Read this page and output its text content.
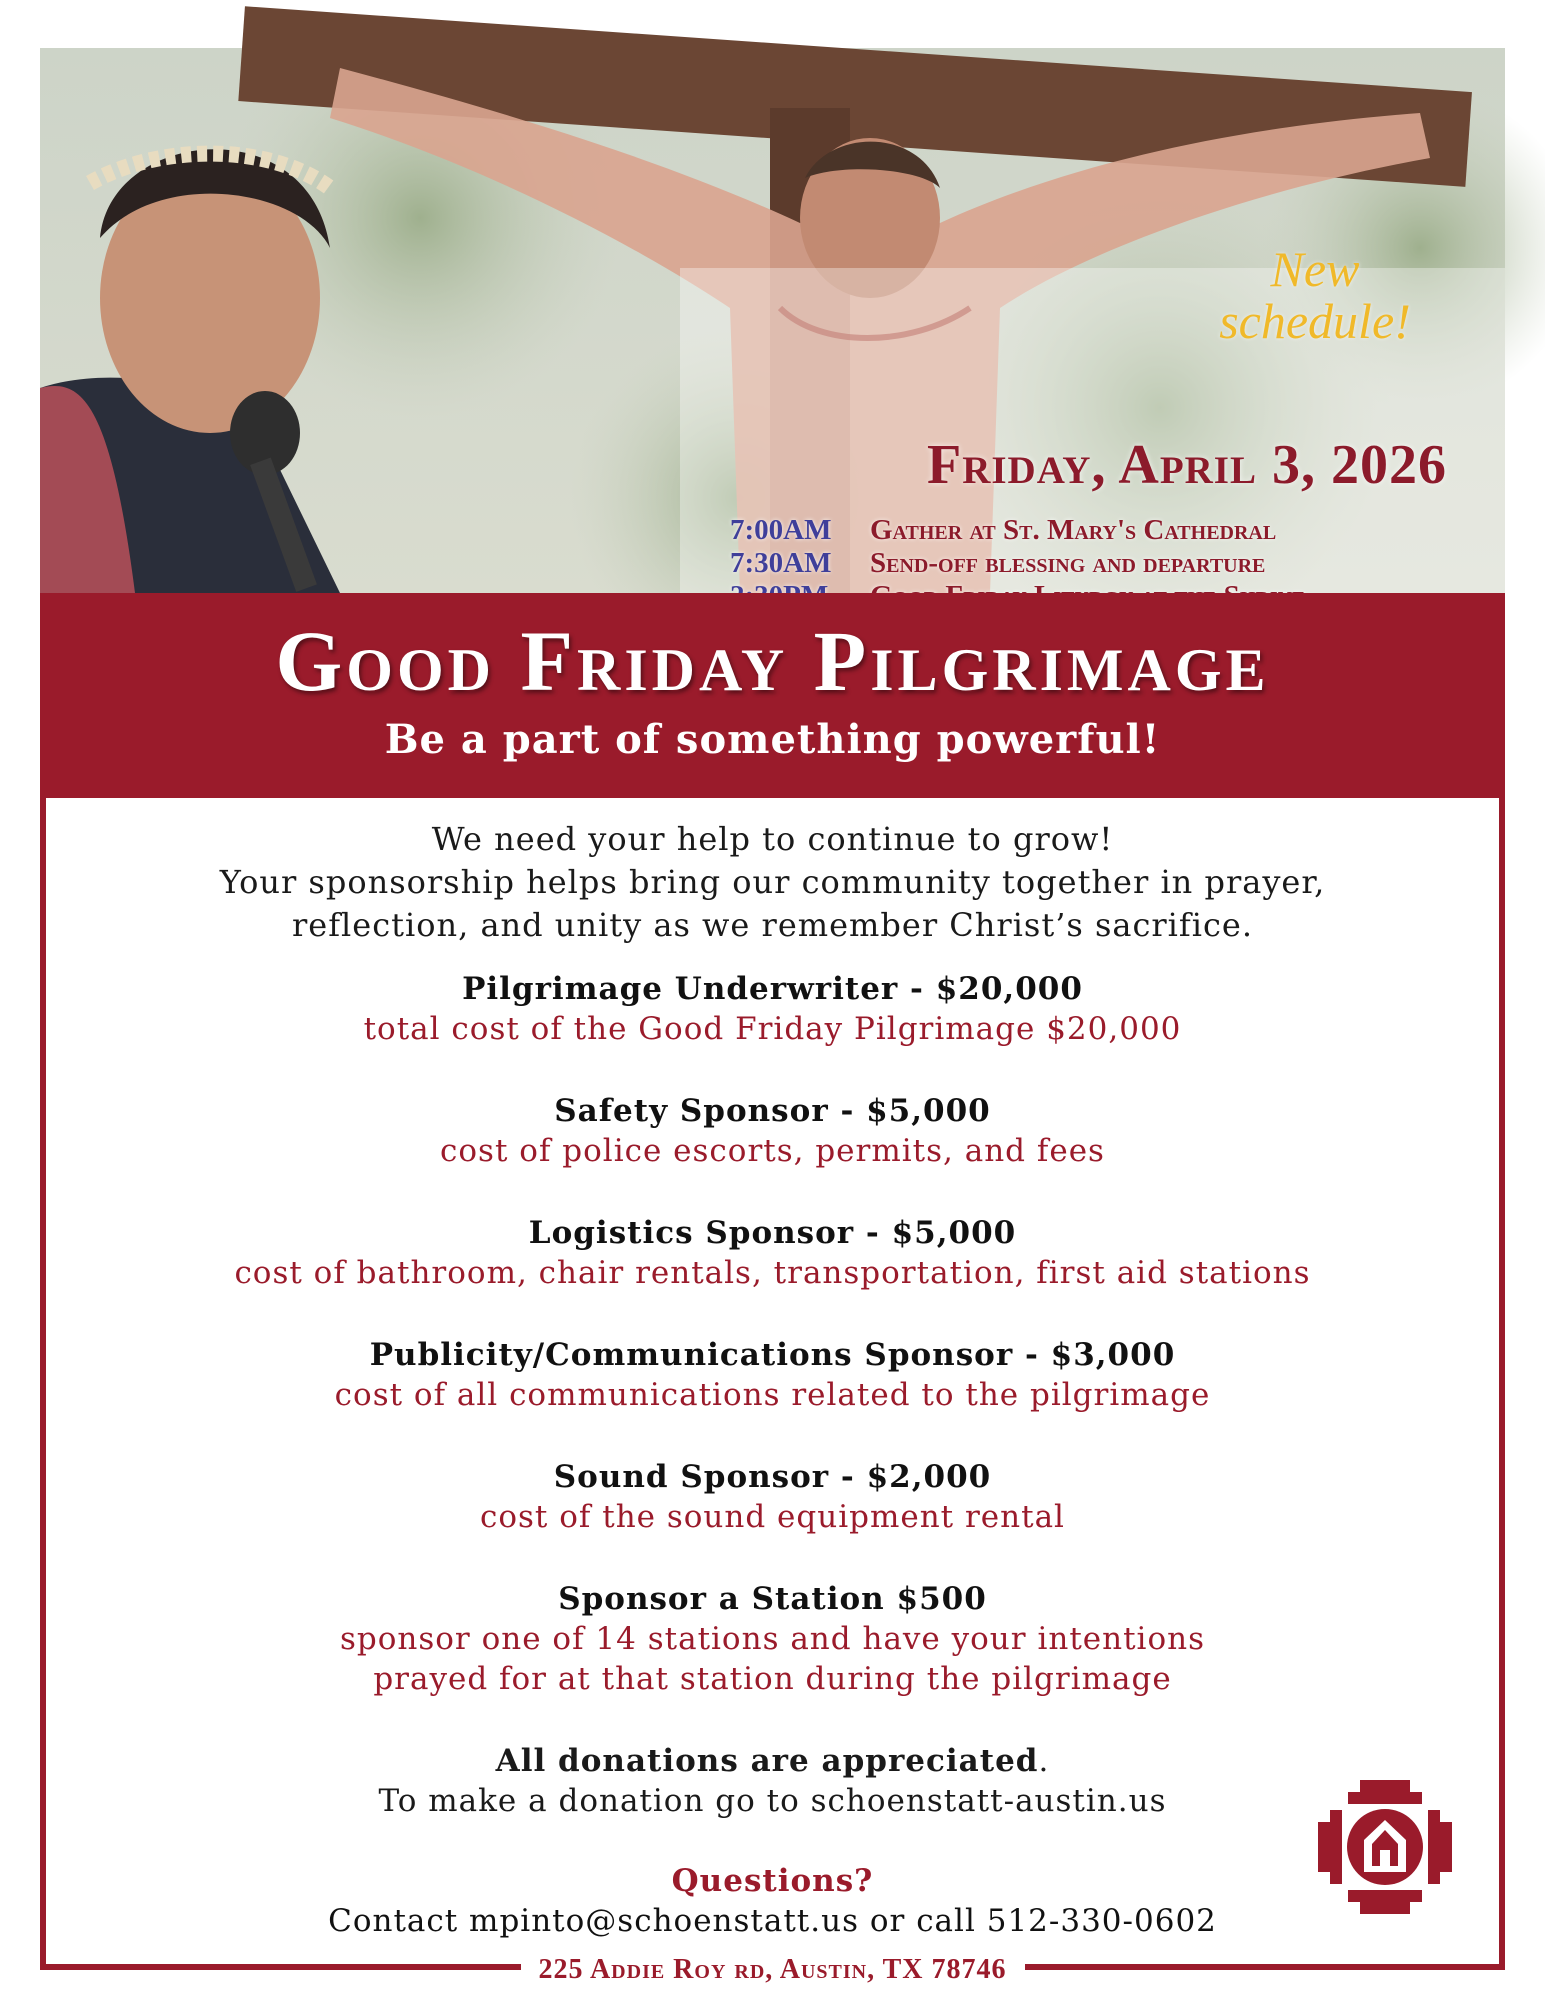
New
schedule!
Friday, April 3, 2026
7:00AM Gather at St. Mary's Cathedral
7:30AM Send-off blessing and departure
Good Friday Pilgrimage
Be a part of something powerful!
225 Addie Roy rd, Austin, TX 78746
We need your help to continue to grow!
Your sponsorship helps bring our community together in prayer,
reflection, and unity as we remember Christ’s sacrifice.
Pilgrimage Underwriter - $20,000
total cost of the Good Friday Pilgrimage $20,000
Safety Sponsor - $5,000
cost of police escorts, permits, and fees
Logistics Sponsor - $5,000
cost of bathroom, chair rentals, transportation, first aid stations
Publicity/Communications Sponsor - $3,000
cost of all communications related to the pilgrimage
Sound Sponsor - $2,000
cost of the sound equipment rental
Sponsor a Station $500
sponsor one of 14 stations and have your intentions
prayed for at that station during the pilgrimage
All donations are appreciated.
To make a donation go to schoenstatt-austin.us
Questions?
Contact mpinto@schoenstatt.us or call 512-330-0602
